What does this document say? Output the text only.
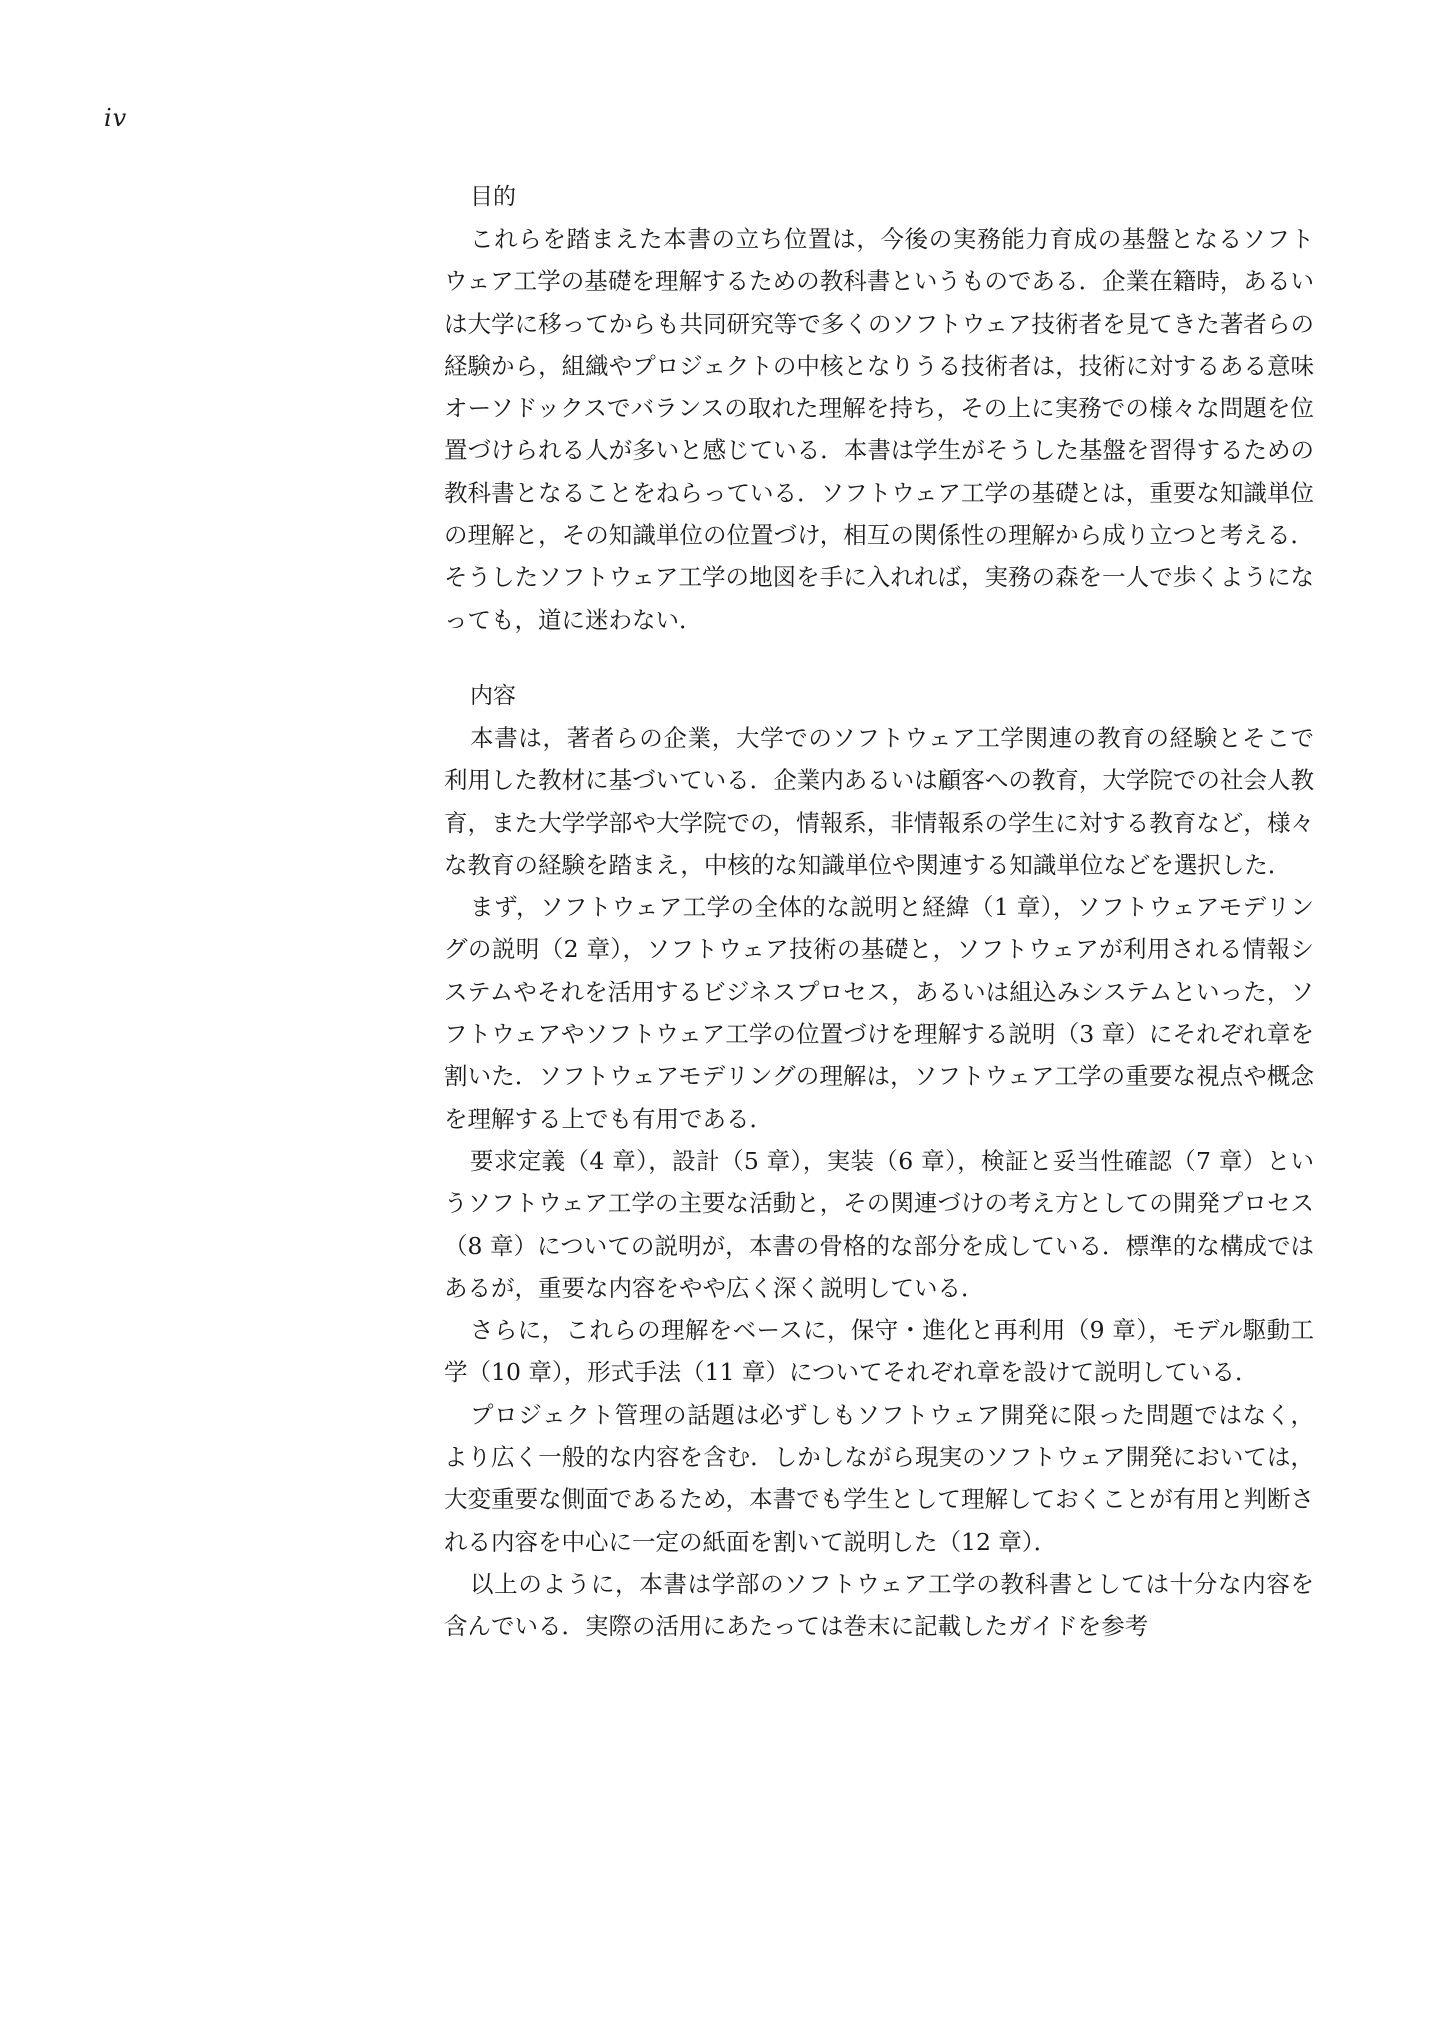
iv
目的

これらを踏まえた本書の立ち位置は，今後の実務能力育成の基盤となるソフトウェア工学の基礎を理解するための教科書というものである．企業在籍時，あるいは大学に移ってからも共同研究等で多くのソフトウェア技術者を見てきた著者らの経験から，組織やプロジェクトの中核となりうる技術者は，技術に対するある意味オーソドックスでバランスの取れた理解を持ち，その上に実務での様々な問題を位置づけられる人が多いと感じている．本書は学生がそうした基盤を習得するための教科書となることをねらっている．ソフトウェア工学の基礎とは，重要な知識単位の理解と，その知識単位の位置づけ，相互の関係性の理解から成り立つと考える．そうしたソフトウェア工学の地図を手に入れれば，実務の森を一人で歩くようになっても，道に迷わない．

内容

本書は，著者らの企業，大学でのソフトウェア工学関連の教育の経験とそこで利用した教材に基づいている．企業内あるいは顧客への教育，大学院での社会人教育，また大学学部や大学院での，情報系，非情報系の学生に対する教育など，様々な教育の経験を踏まえ，中核的な知識単位や関連する知識単位などを選択した．

まず，ソフトウェア工学の全体的な説明と経緯（1 章），ソフトウェアモデリングの説明（2 章），ソフトウェア技術の基礎と，ソフトウェアが利用される情報システムやそれを活用するビジネスプロセス，あるいは組込みシステムといった，ソフトウェアやソフトウェア工学の位置づけを理解する説明（3 章）にそれぞれ章を割いた．ソフトウェアモデリングの理解は，ソフトウェア工学の重要な視点や概念を理解する上でも有用である．

要求定義（4 章），設計（5 章），実装（6 章），検証と妥当性確認（7 章）というソフトウェア工学の主要な活動と，その関連づけの考え方としての開発プロセス（8 章）についての説明が，本書の骨格的な部分を成している．標準的な構成ではあるが，重要な内容をやや広く深く説明している．

さらに，これらの理解をベースに，保守・進化と再利用（9 章），モデル駆動工学（10 章），形式手法（11 章）についてそれぞれ章を設けて説明している．

プロジェクト管理の話題は必ずしもソフトウェア開発に限った問題ではなく，より広く一般的な内容を含む．しかしながら現実のソフトウェア開発においては，大変重要な側面であるため，本書でも学生として理解しておくことが有用と判断される内容を中心に一定の紙面を割いて説明した（12 章）．

以上のように，本書は学部のソフトウェア工学の教科書としては十分な内容を含んでいる．実際の活用にあたっては巻末に記載したガイドを参考
